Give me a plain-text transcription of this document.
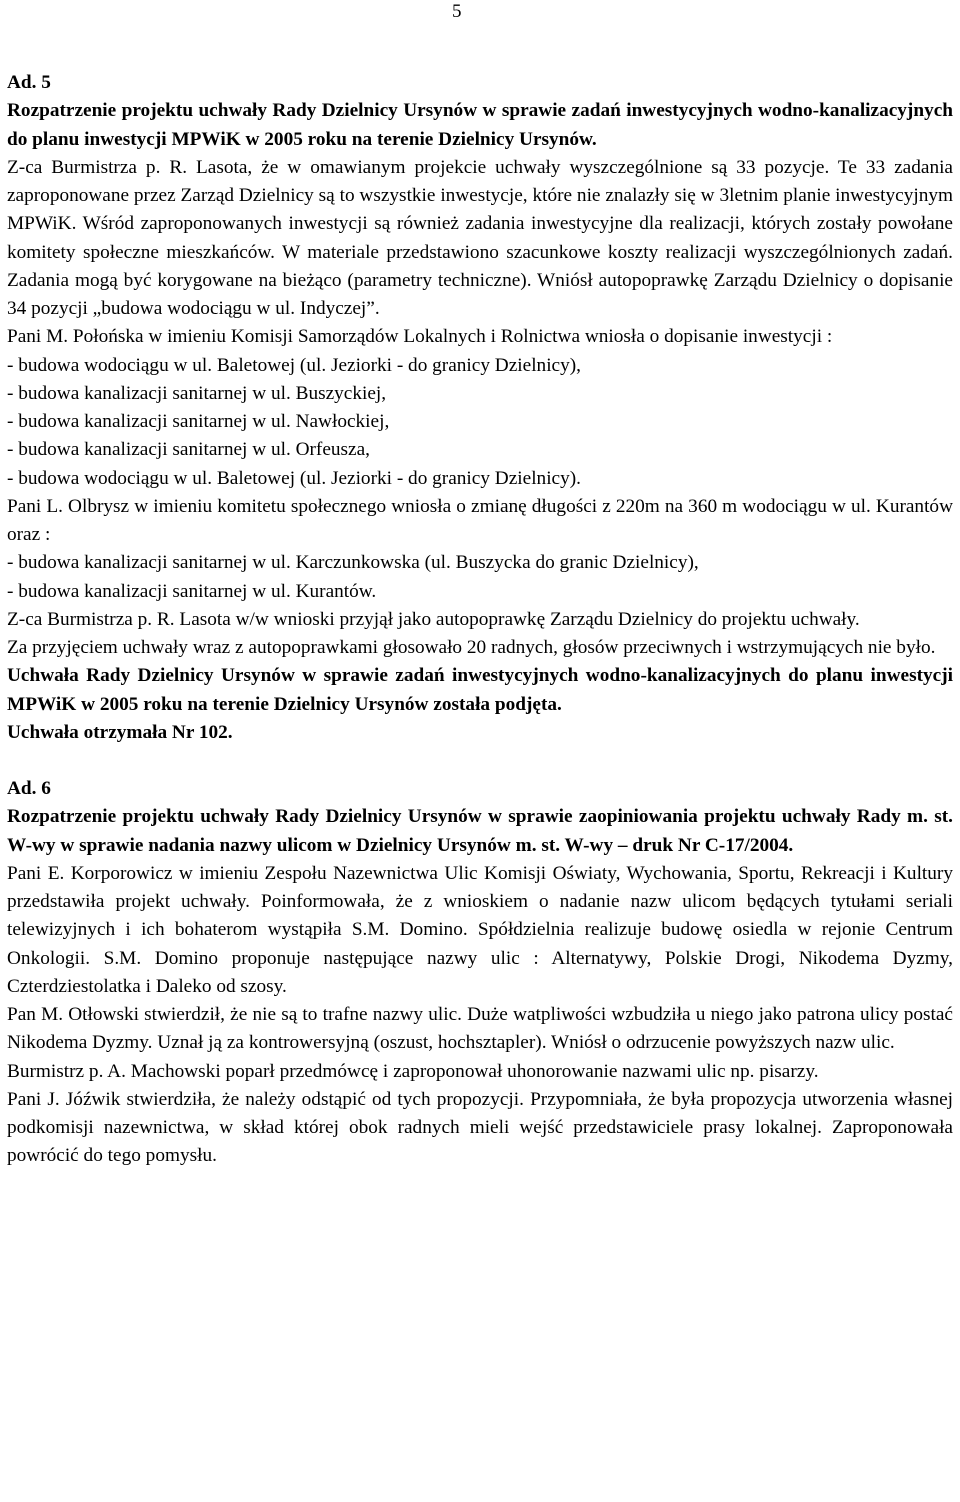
5

Ad. 5

Rozpatrzenie projektu uchwały Rady Dzielnicy Ursynów w sprawie zadań inwestycyjnych wodno-kanalizacyjnych do planu inwestycji MPWiK w 2005 roku na terenie Dzielnicy Ursynów.

Z-ca Burmistrza p. R. Lasota, że w omawianym projekcie uchwały wyszczególnione są 33 pozycje. Te 33 zadania zaproponowane przez Zarząd Dzielnicy są to wszystkie inwestycje, które nie znalazły się w 3letnim planie inwestycyjnym MPWiK. Wśród zaproponowanych inwestycji są również zadania inwestycyjne dla realizacji, których zostały powołane komitety społeczne mieszkańców. W materiale przedstawiono szacunkowe koszty realizacji wyszczególnionych zadań. Zadania mogą być korygowane na bieżąco (parametry techniczne). Wniósł autopoprawkę Zarządu Dzielnicy o dopisanie 34 pozycji „budowa wodociągu w ul. Indyczej”.

Pani M. Połońska w imieniu Komisji Samorządów Lokalnych i Rolnictwa wniosła o dopisanie inwestycji :

- budowa wodociągu w ul. Baletowej (ul. Jeziorki - do granicy Dzielnicy),

- budowa kanalizacji sanitarnej w ul. Buszyckiej,

- budowa kanalizacji sanitarnej w ul. Nawłockiej,

- budowa kanalizacji sanitarnej w ul. Orfeusza,

- budowa wodociągu w ul. Baletowej (ul. Jeziorki - do granicy Dzielnicy).

Pani L. Olbrysz w imieniu komitetu społecznego wniosła o zmianę długości z 220m na 360 m wodociągu w ul. Kurantów oraz :

- budowa kanalizacji sanitarnej w ul. Karczunkowska (ul. Buszycka do granic Dzielnicy),

- budowa kanalizacji sanitarnej w ul. Kurantów.

Z-ca Burmistrza p. R. Lasota w/w wnioski przyjął jako autopoprawkę Zarządu Dzielnicy do projektu uchwały.

Za przyjęciem uchwały wraz z autopoprawkami głosowało 20 radnych, głosów przeciwnych i wstrzymujących nie było.

Uchwała Rady Dzielnicy Ursynów w sprawie zadań inwestycyjnych wodno-kanalizacyjnych do planu inwestycji MPWiK w 2005 roku na terenie Dzielnicy Ursynów została podjęta.

Uchwała otrzymała Nr 102.

Ad. 6

Rozpatrzenie projektu uchwały Rady Dzielnicy Ursynów w sprawie zaopiniowania projektu uchwały Rady m. st. W-wy w sprawie nadania nazwy ulicom w Dzielnicy Ursynów m. st. W-wy – druk Nr C-17/2004.

Pani E. Korporowicz w imieniu Zespołu Nazewnictwa Ulic Komisji Oświaty, Wychowania, Sportu, Rekreacji i Kultury przedstawiła projekt uchwały. Poinformowała, że z wnioskiem o nadanie nazw ulicom będących tytułami seriali telewizyjnych i ich bohaterom wystąpiła S.M. Domino. Spółdzielnia realizuje budowę osiedla w rejonie Centrum Onkologii. S.M. Domino proponuje następujące nazwy ulic : Alternatywy, Polskie Drogi, Nikodema Dyzmy, Czterdziestolatka i Daleko od szosy.

Pan M. Otłowski stwierdził, że nie są to trafne nazwy ulic. Duże watpliwości wzbudziła u niego jako patrona ulicy postać Nikodema Dyzmy. Uznał ją za kontrowersyjną (oszust, hochsztapler). Wniósł o odrzucenie powyższych nazw ulic.

Burmistrz p. A. Machowski poparł przedmówcę i zaproponował uhonorowanie nazwami ulic np. pisarzy.

Pani J. Jóźwik stwierdziła, że należy odstąpić od tych propozycji. Przypomniała, że była propozycja utworzenia własnej podkomisji nazewnictwa, w skład której obok radnych mieli wejść przedstawiciele prasy lokalnej. Zaproponowała powrócić do tego pomysłu.
